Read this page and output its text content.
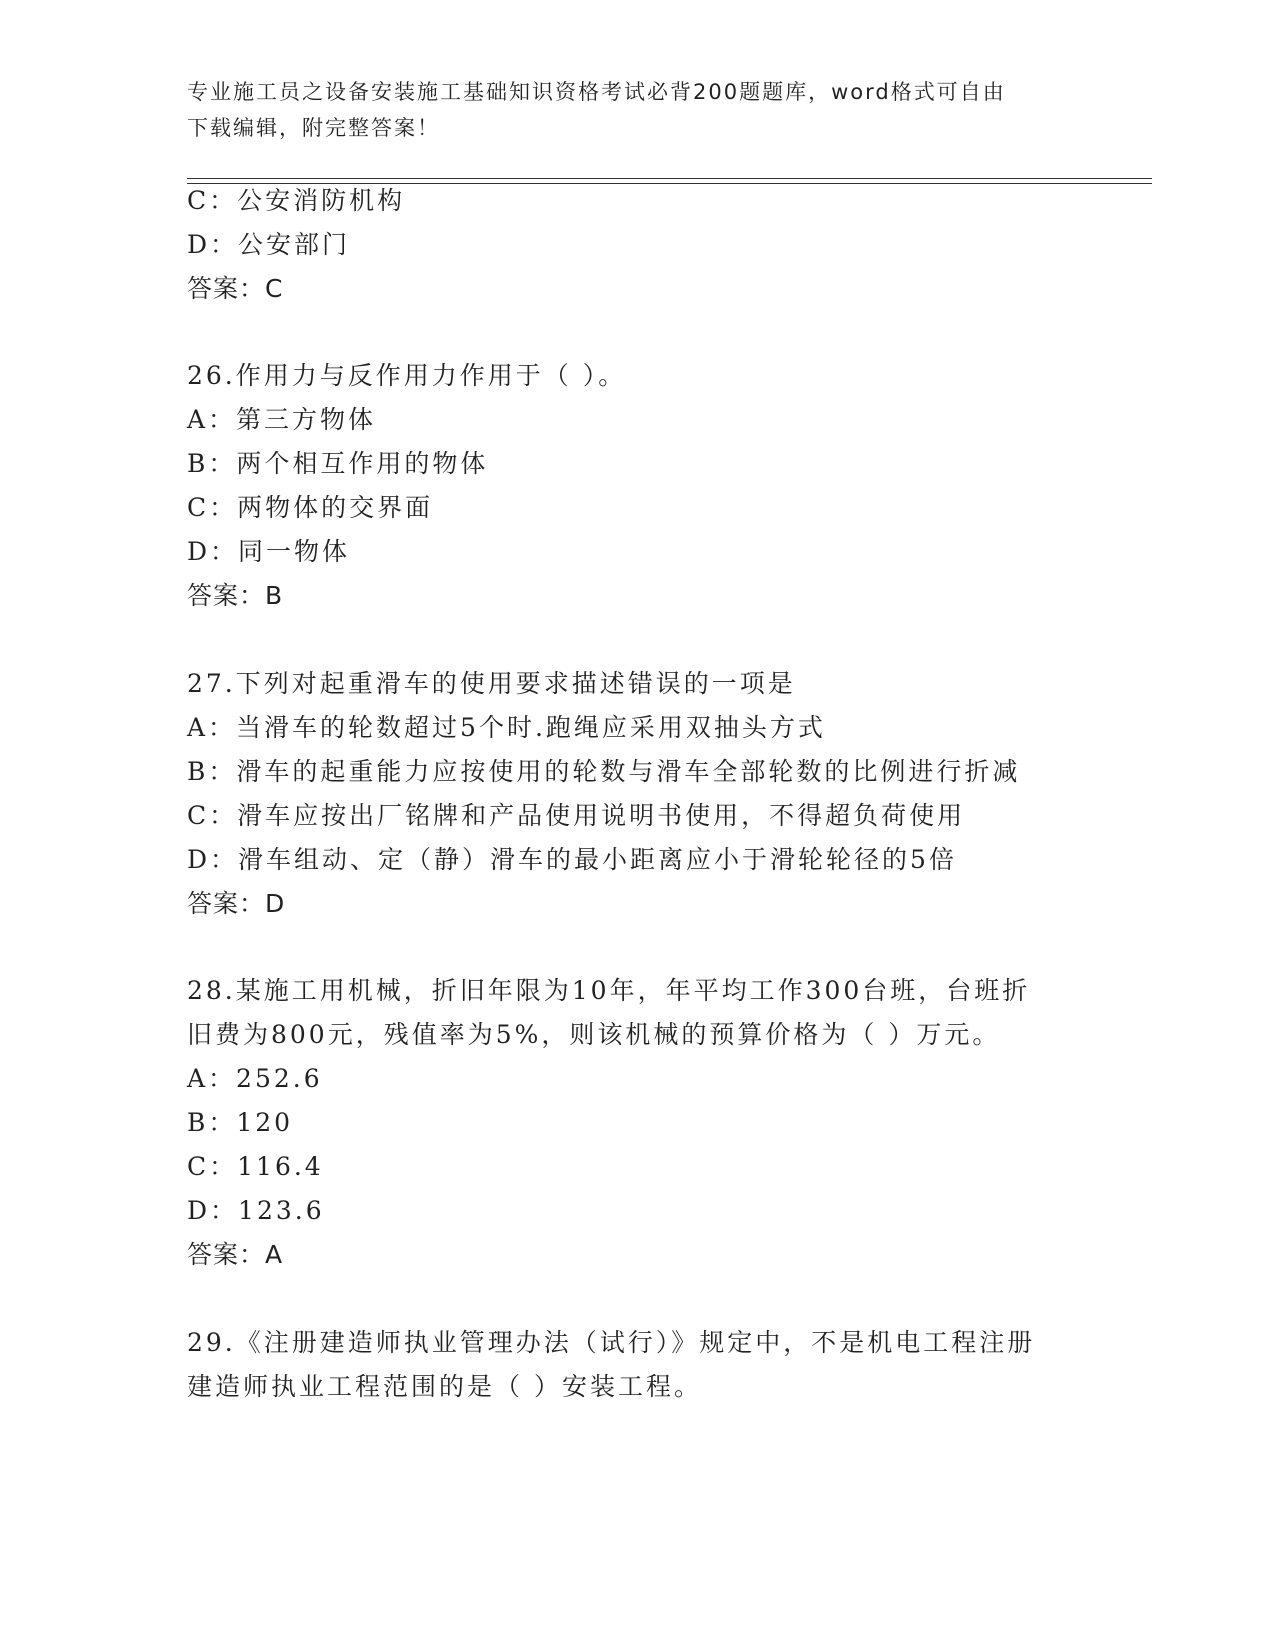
专业施工员之设备安装施工基础知识资格考试必背200题题库，word格式可自由
下载编辑，附完整答案！
C：公安消防机构
D：公安部门
答案：C
26.作用力与反作用力作用于（ ）。
A：第三方物体
B：两个相互作用的物体
C：两物体的交界面
D：同一物体
答案：B
27.下列对起重滑车的使用要求描述错误的一项是
A：当滑车的轮数超过5个时.跑绳应采用双抽头方式
B：滑车的起重能力应按使用的轮数与滑车全部轮数的比例进行折减
C：滑车应按出厂铭牌和产品使用说明书使用，不得超负荷使用
D：滑车组动、定（静）滑车的最小距离应小于滑轮轮径的5倍
答案：D
28.某施工用机械，折旧年限为10年，年平均工作300台班，台班折
旧费为800元，残值率为5%，则该机械的预算价格为（ ）万元。
A：252.6
B：120
C：116.4
D：123.6
答案：A
29.《注册建造师执业管理办法（试行）》规定中，不是机电工程注册
建造师执业工程范围的是（ ）安装工程。
